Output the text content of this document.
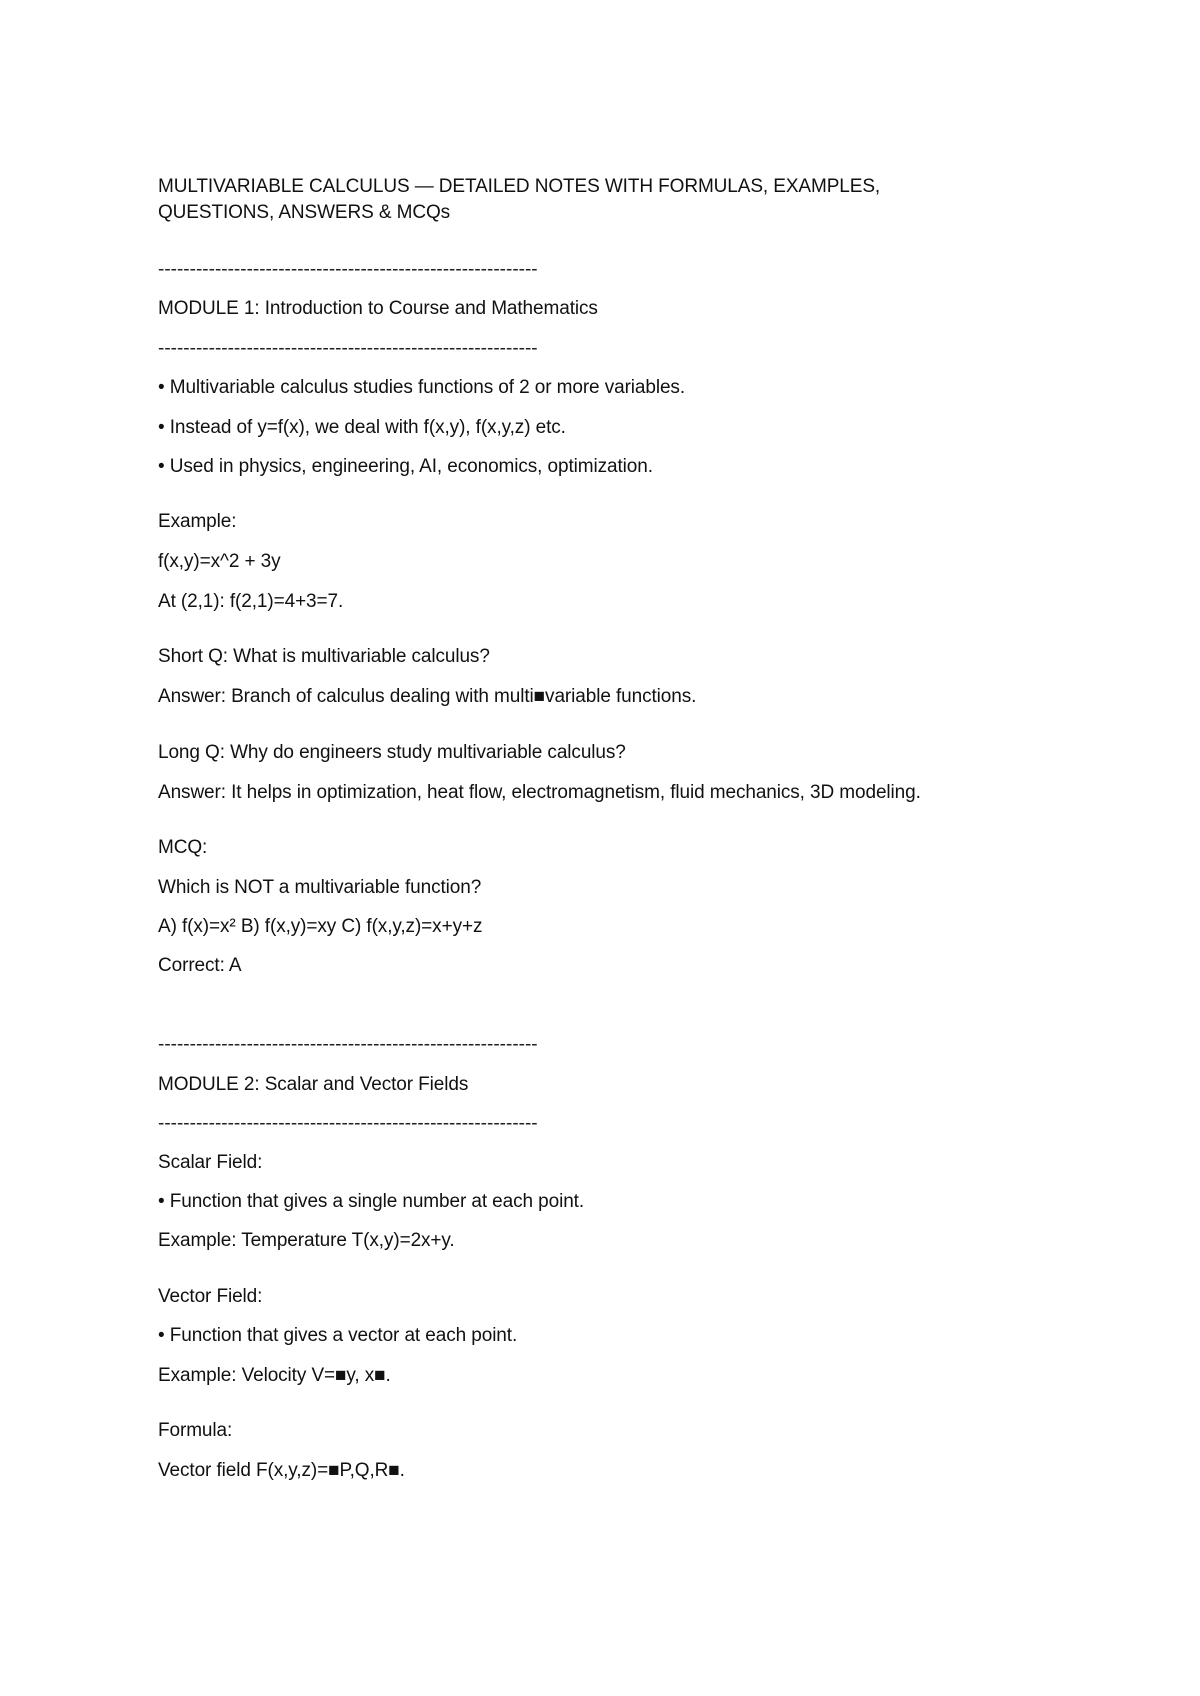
MULTIVARIABLE CALCULUS — DETAILED NOTES WITH FORMULAS, EXAMPLES,
QUESTIONS, ANSWERS & MCQs
------------------------------------------------------------
MODULE 1: Introduction to Course and Mathematics
------------------------------------------------------------
• Multivariable calculus studies functions of 2 or more variables.
• Instead of y=f(x), we deal with f(x,y), f(x,y,z) etc.
• Used in physics, engineering, AI, economics, optimization.
Example:
f(x,y)=x^2 + 3y
At (2,1): f(2,1)=4+3=7.
Short Q: What is multivariable calculus?
Answer: Branch of calculus dealing with multi■variable functions.
Long Q: Why do engineers study multivariable calculus?
Answer: It helps in optimization, heat flow, electromagnetism, fluid mechanics, 3D modeling.
MCQ:
Which is NOT a multivariable function?
A) f(x)=x² B) f(x,y)=xy C) f(x,y,z)=x+y+z
Correct: A
------------------------------------------------------------
MODULE 2: Scalar and Vector Fields
------------------------------------------------------------
Scalar Field:
• Function that gives a single number at each point.
Example: Temperature T(x,y)=2x+y.
Vector Field:
• Function that gives a vector at each point.
Example: Velocity V=■y, x■.
Formula:
Vector field F(x,y,z)=■P,Q,R■.
